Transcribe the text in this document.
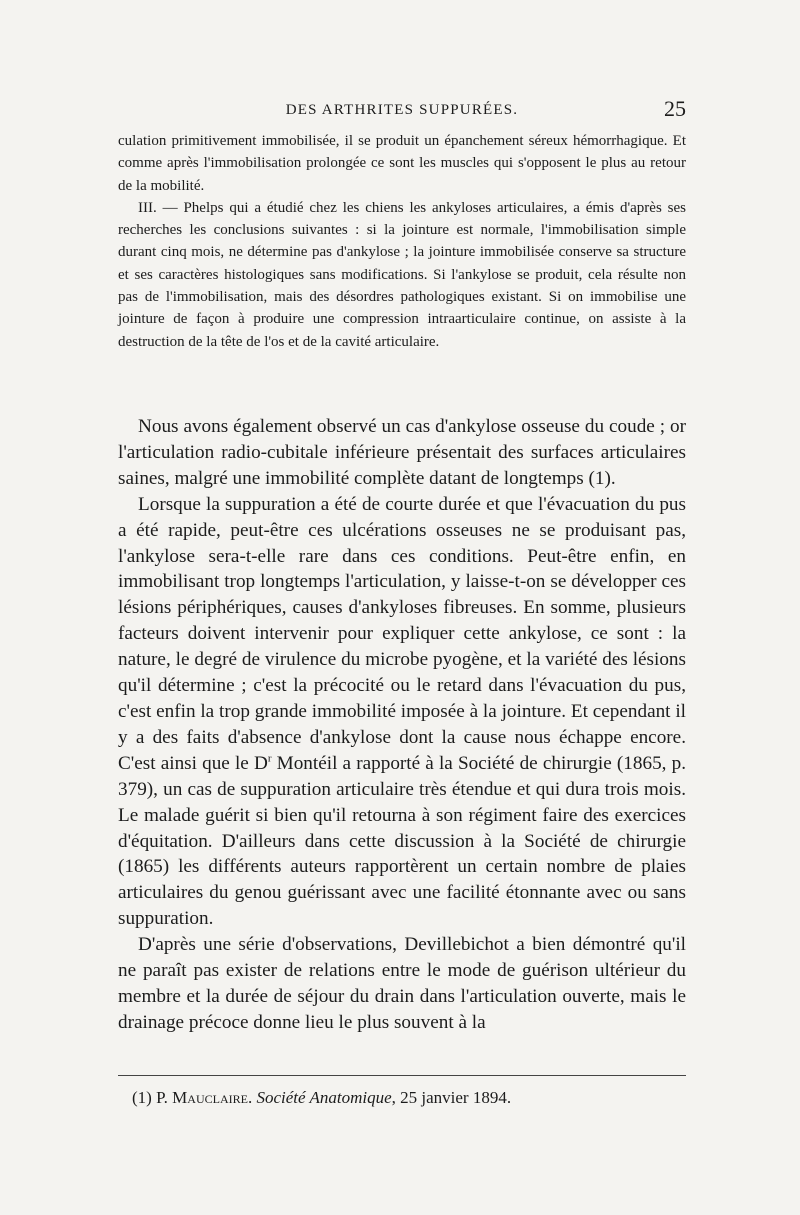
DES ARTHRITES SUPPURÉES.	25

culation primitivement immobilisée, il se produit un épanchement séreux hémorrhagique. Et comme après l'immobilisation prolongée ce sont les muscles qui s'opposent le plus au retour de la mobilité.

III. — Phelps qui a étudié chez les chiens les ankyloses articulaires, a émis d'après ses recherches les conclusions suivantes : si la jointure est normale, l'immobilisation simple durant cinq mois, ne détermine pas d'ankylose ; la jointure immobilisée conserve sa structure et ses caractères histologiques sans modifications. Si l'ankylose se produit, cela résulte non pas de l'immobilisation, mais des désordres pathologiques existant. Si on immobilise une jointure de façon à produire une compression intraarticulaire continue, on assiste à la destruction de la tête de l'os et de la cavité articulaire.

Nous avons également observé un cas d'ankylose osseuse du coude ; or l'articulation radio-cubitale inférieure présentait des surfaces articulaires saines, malgré une immobilité complète datant de longtemps (1).

Lorsque la suppuration a été de courte durée et que l'évacuation du pus a été rapide, peut-être ces ulcérations osseuses ne se produisant pas, l'ankylose sera-t-elle rare dans ces conditions. Peut-être enfin, en immobilisant trop longtemps l'articulation, y laisse-t-on se développer ces lésions périphériques, causes d'ankyloses fibreuses. En somme, plusieurs facteurs doivent intervenir pour expliquer cette ankylose, ce sont : la nature, le degré de virulence du microbe pyogène, et la variété des lésions qu'il détermine ; c'est la précocité ou le retard dans l'évacuation du pus, c'est enfin la trop grande immobilité imposée à la jointure. Et cependant il y a des faits d'absence d'ankylose dont la cause nous échappe encore. C'est ainsi que le $D^r$ Montéil a rapporté à la Société de chirurgie (1865, p. 379), un cas de suppuration articulaire très étendue et qui dura trois mois. Le malade guérit si bien qu'il retourna à son régiment faire des exercices d'équitation. D'ailleurs dans cette discussion à la Société de chirurgie (1865) les différents auteurs rapportèrent un certain nombre de plaies articulaires du genou guérissant avec une facilité étonnante avec ou sans suppuration.

D'après une série d'observations, Devillebichot a bien démontré qu'il ne paraît pas exister de relations entre le mode de guérison ultérieur du membre et la durée de séjour du drain dans l'articulation ouverte, mais le drainage précoce donne lieu le plus souvent à la

(1) P. Mauclaire. Société Anatomique, 25 janvier 1894.
